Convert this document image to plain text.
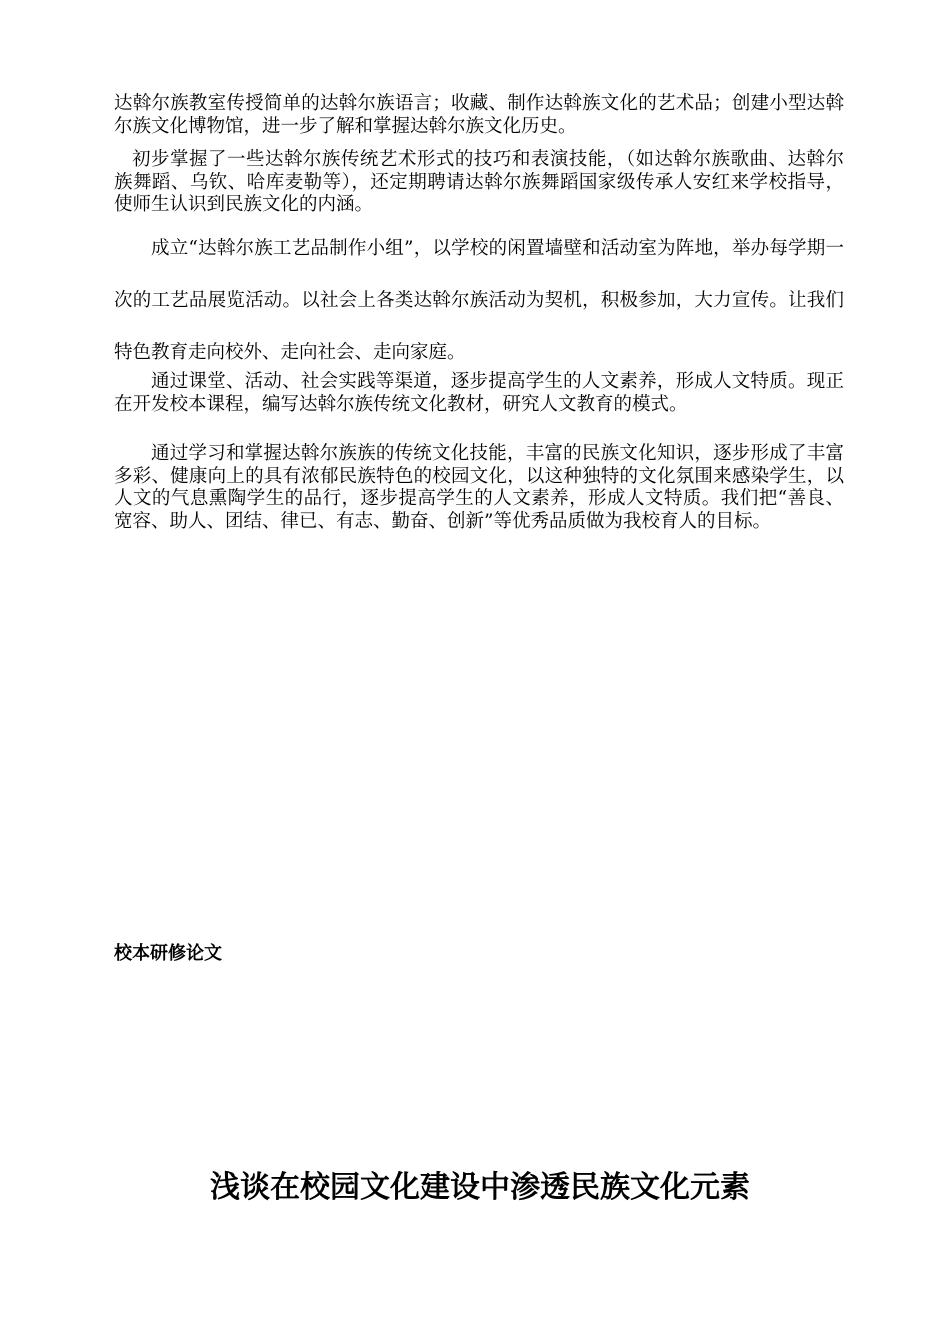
达斡尔族教室传授简单的达斡尔族语言；收藏、制作达斡族文化的艺术品；创建小型达斡尔族文化博物馆，进一步了解和掌握达斡尔族文化历史。

初步掌握了一些达斡尔族传统艺术形式的技巧和表演技能，（如达斡尔族歌曲、达斡尔族舞蹈、乌钦、哈库麦勒等），还定期聘请达斡尔族舞蹈国家级传承人安红来学校指导，使师生认识到民族文化的内涵。

成立“达斡尔族工艺品制作小组”，以学校的闲置墙壁和活动室为阵地，举办每学期一次的工艺品展览活动。以社会上各类达斡尔族活动为契机，积极参加，大力宣传。让我们特色教育走向校外、走向社会、走向家庭。

通过课堂、活动、社会实践等渠道，逐步提高学生的人文素养，形成人文特质。现正在开发校本课程，编写达斡尔族传统文化教材，研究人文教育的模式。

通过学习和掌握达斡尔族族的传统文化技能，丰富的民族文化知识，逐步形成了丰富多彩、健康向上的具有浓郁民族特色的校园文化，以这种独特的文化氛围来感染学生，以人文的气息熏陶学生的品行，逐步提高学生的人文素养，形成人文特质。我们把“善良、宽容、助人、团结、律已、有志、勤奋、创新”等优秀品质做为我校育人的目标。

校本研修论文

浅谈在校园文化建设中渗透民族文化元素
